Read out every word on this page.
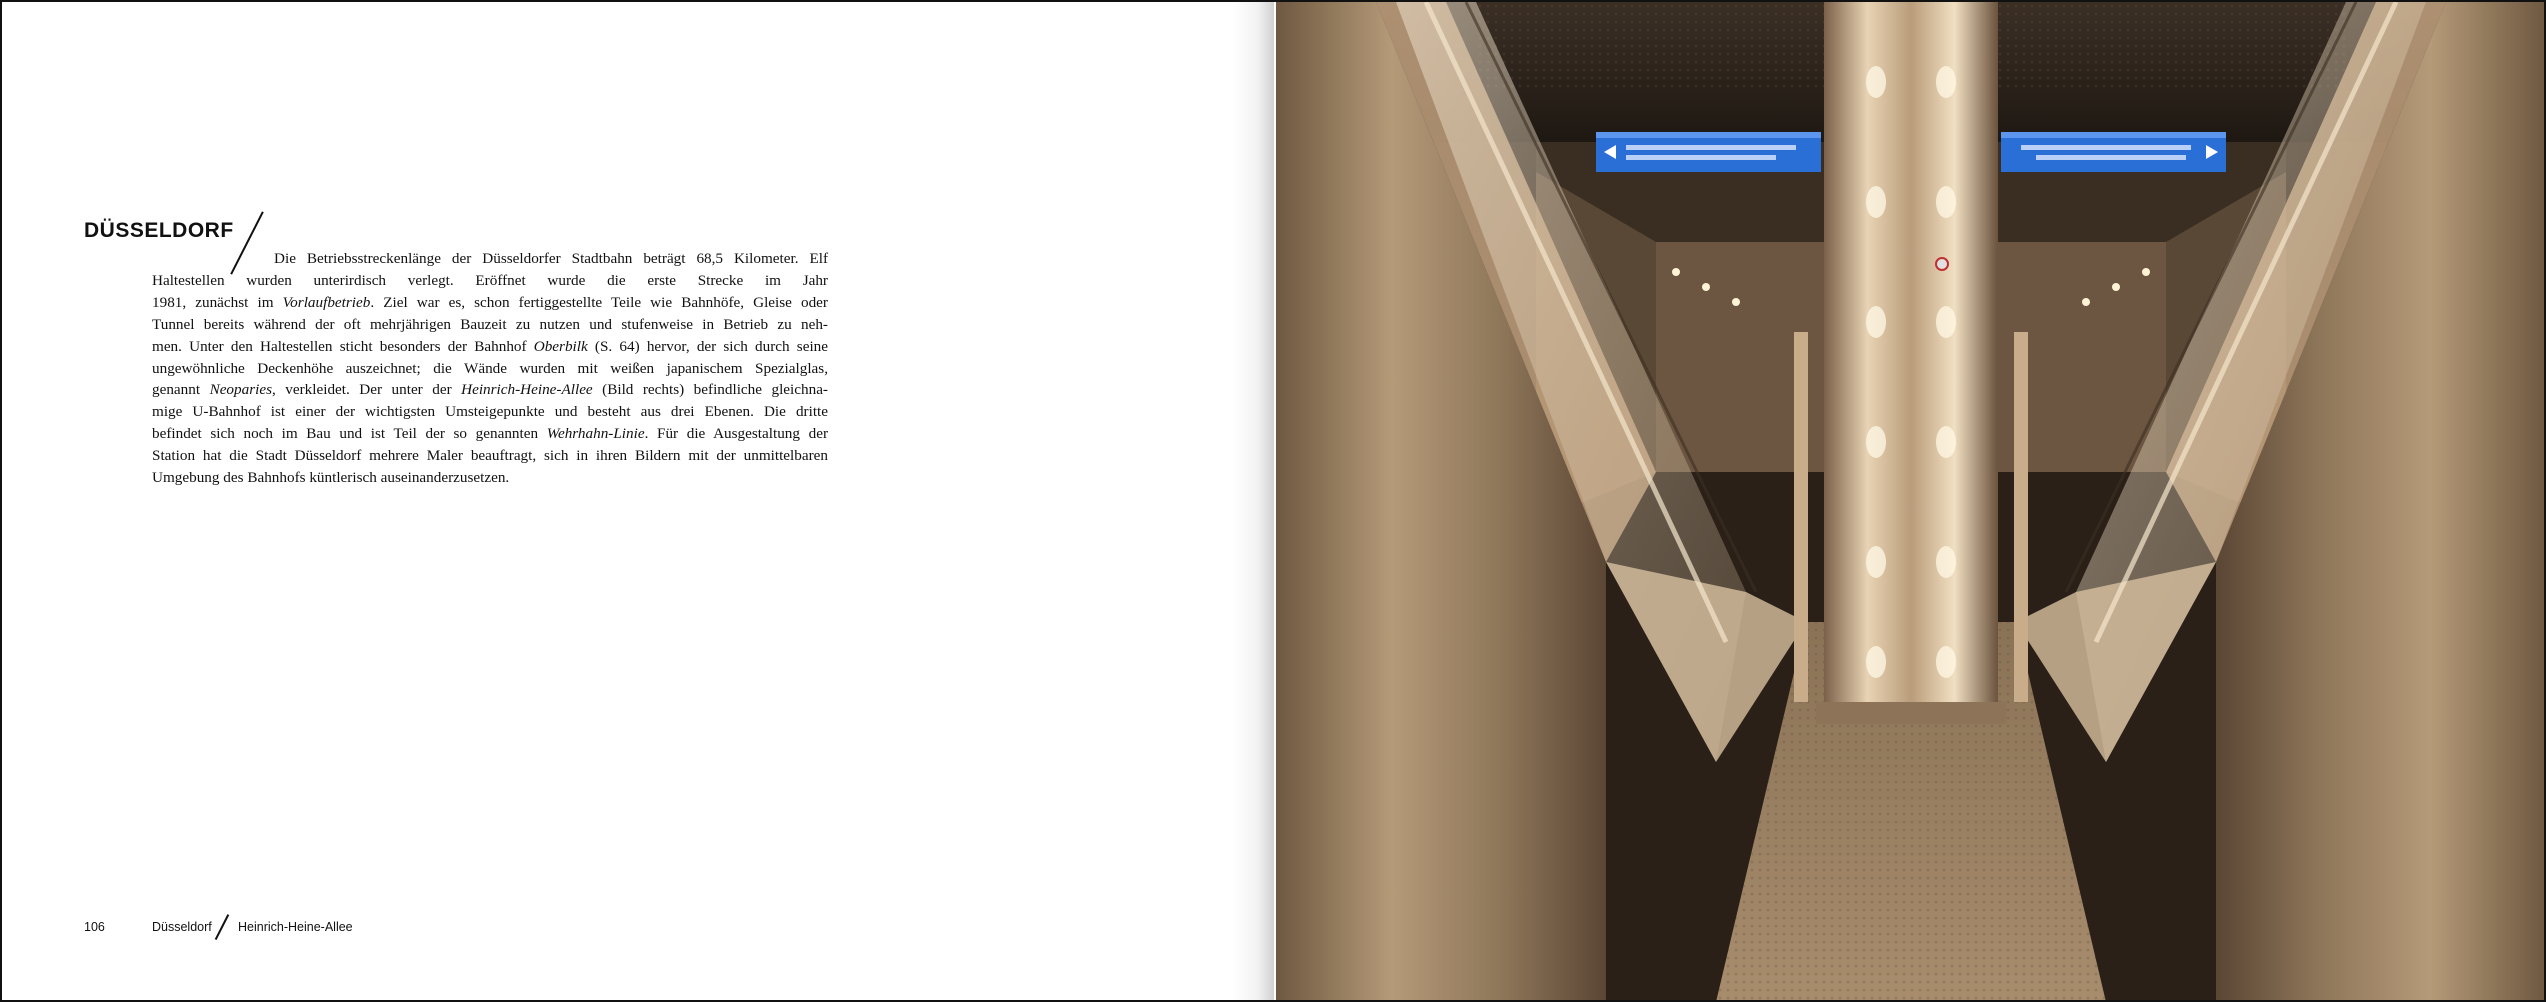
DÜSSELDORF
Die Betriebsstreckenlänge der Düsseldorfer Stadtbahn beträgt 68,5 Kilometer. Elf
Haltestellen wurden unterirdisch verlegt. Eröffnet wurde die erste Strecke im Jahr
1981, zunächst im Vorlaufbetrieb. Ziel war es, schon fertiggestellte Teile wie Bahnhöfe, Gleise oder
Tunnel bereits während der oft mehrjährigen Bauzeit zu nutzen und stufenweise in Betrieb zu neh-
men. Unter den Haltestellen sticht besonders der Bahnhof Oberbilk (S. 64) hervor, der sich durch seine
ungewöhnliche Deckenhöhe auszeichnet; die Wände wurden mit weißen japanischem Spezialglas,
genannt Neoparies, verkleidet. Der unter der Heinrich-Heine-Allee (Bild rechts) befindliche gleichna-
mige U-Bahnhof ist einer der wichtigsten Umsteigepunkte und besteht aus drei Ebenen. Die dritte
befindet sich noch im Bau und ist Teil der so genannten Wehrhahn-Linie. Für die Ausgestaltung der
Station hat die Stadt Düsseldorf mehrere Maler beauftragt, sich in ihren Bildern mit der unmittelbaren
Umgebung des Bahnhofs küntlerisch auseinanderzusetzen.
106	Düsseldorf Heinrich-Heine-Allee
